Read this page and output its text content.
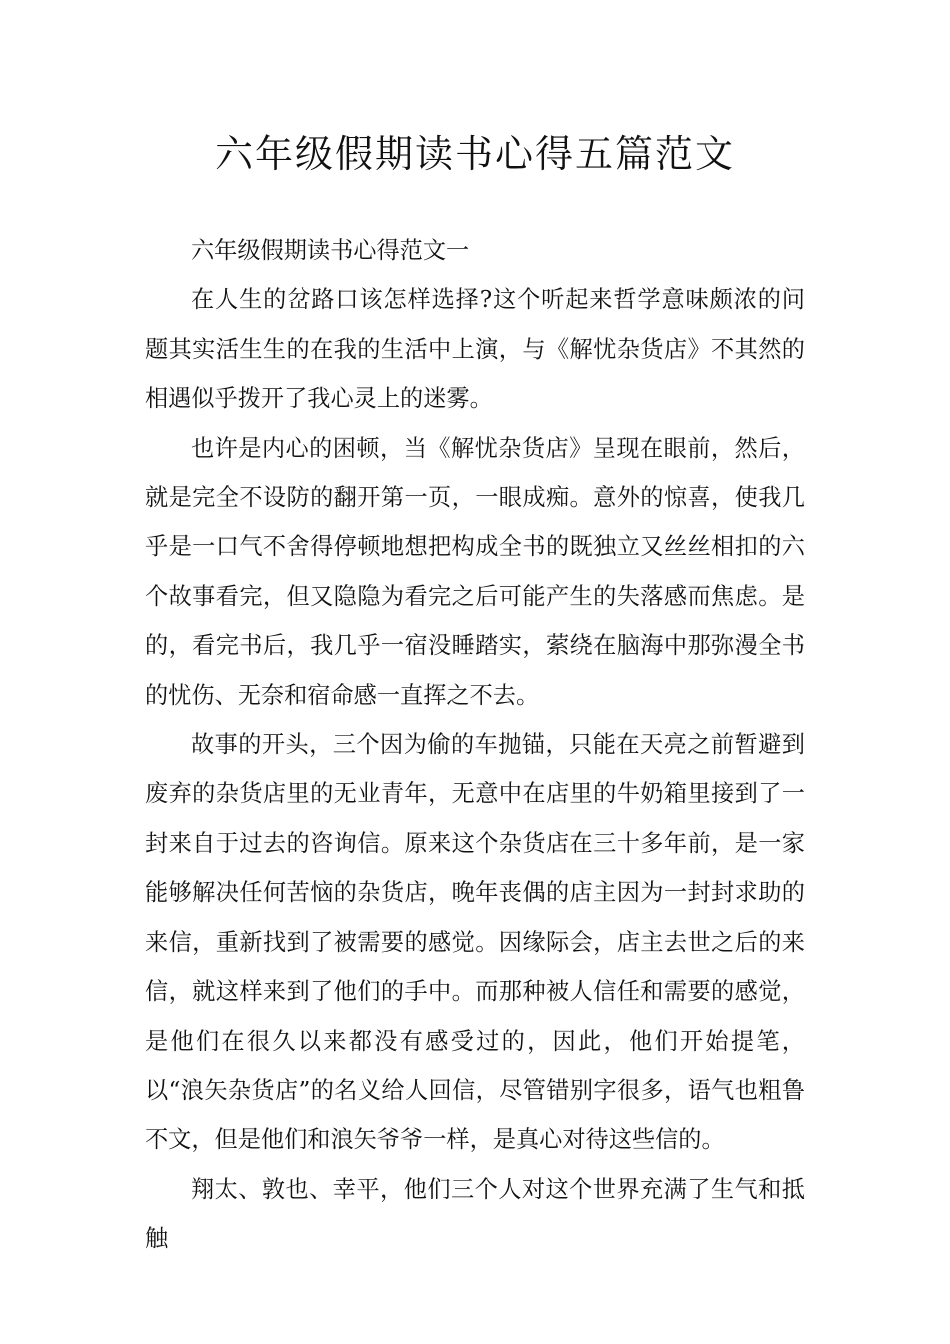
六年级假期读书心得五篇范文

六年级假期读书心得范文一

在人生的岔路口该怎样选择?这个听起来哲学意味颇浓的问题其实活生生的在我的生活中上演，与《解忧杂货店》不其然的相遇似乎拨开了我心灵上的迷雾。

也许是内心的困顿，当《解忧杂货店》呈现在眼前，然后，就是完全不设防的翻开第一页，一眼成痴。意外的惊喜，使我几乎是一口气不舍得停顿地想把构成全书的既独立又丝丝相扣的六个故事看完，但又隐隐为看完之后可能产生的失落感而焦虑。是的，看完书后，我几乎一宿没睡踏实，萦绕在脑海中那弥漫全书的忧伤、无奈和宿命感一直挥之不去。

故事的开头，三个因为偷的车抛锚，只能在天亮之前暂避到废弃的杂货店里的无业青年，无意中在店里的牛奶箱里接到了一封来自于过去的咨询信。原来这个杂货店在三十多年前，是一家能够解决任何苦恼的杂货店，晚年丧偶的店主因为一封封求助的来信，重新找到了被需要的感觉。因缘际会，店主去世之后的来信，就这样来到了他们的手中。而那种被人信任和需要的感觉，是他们在很久以来都没有感受过的，因此，他们开始提笔，以“浪矢杂货店”的名义给人回信，尽管错别字很多，语气也粗鲁不文，但是他们和浪矢爷爷一样，是真心对待这些信的。

翔太、敦也、幸平，他们三个人对这个世界充满了生气和抵触
